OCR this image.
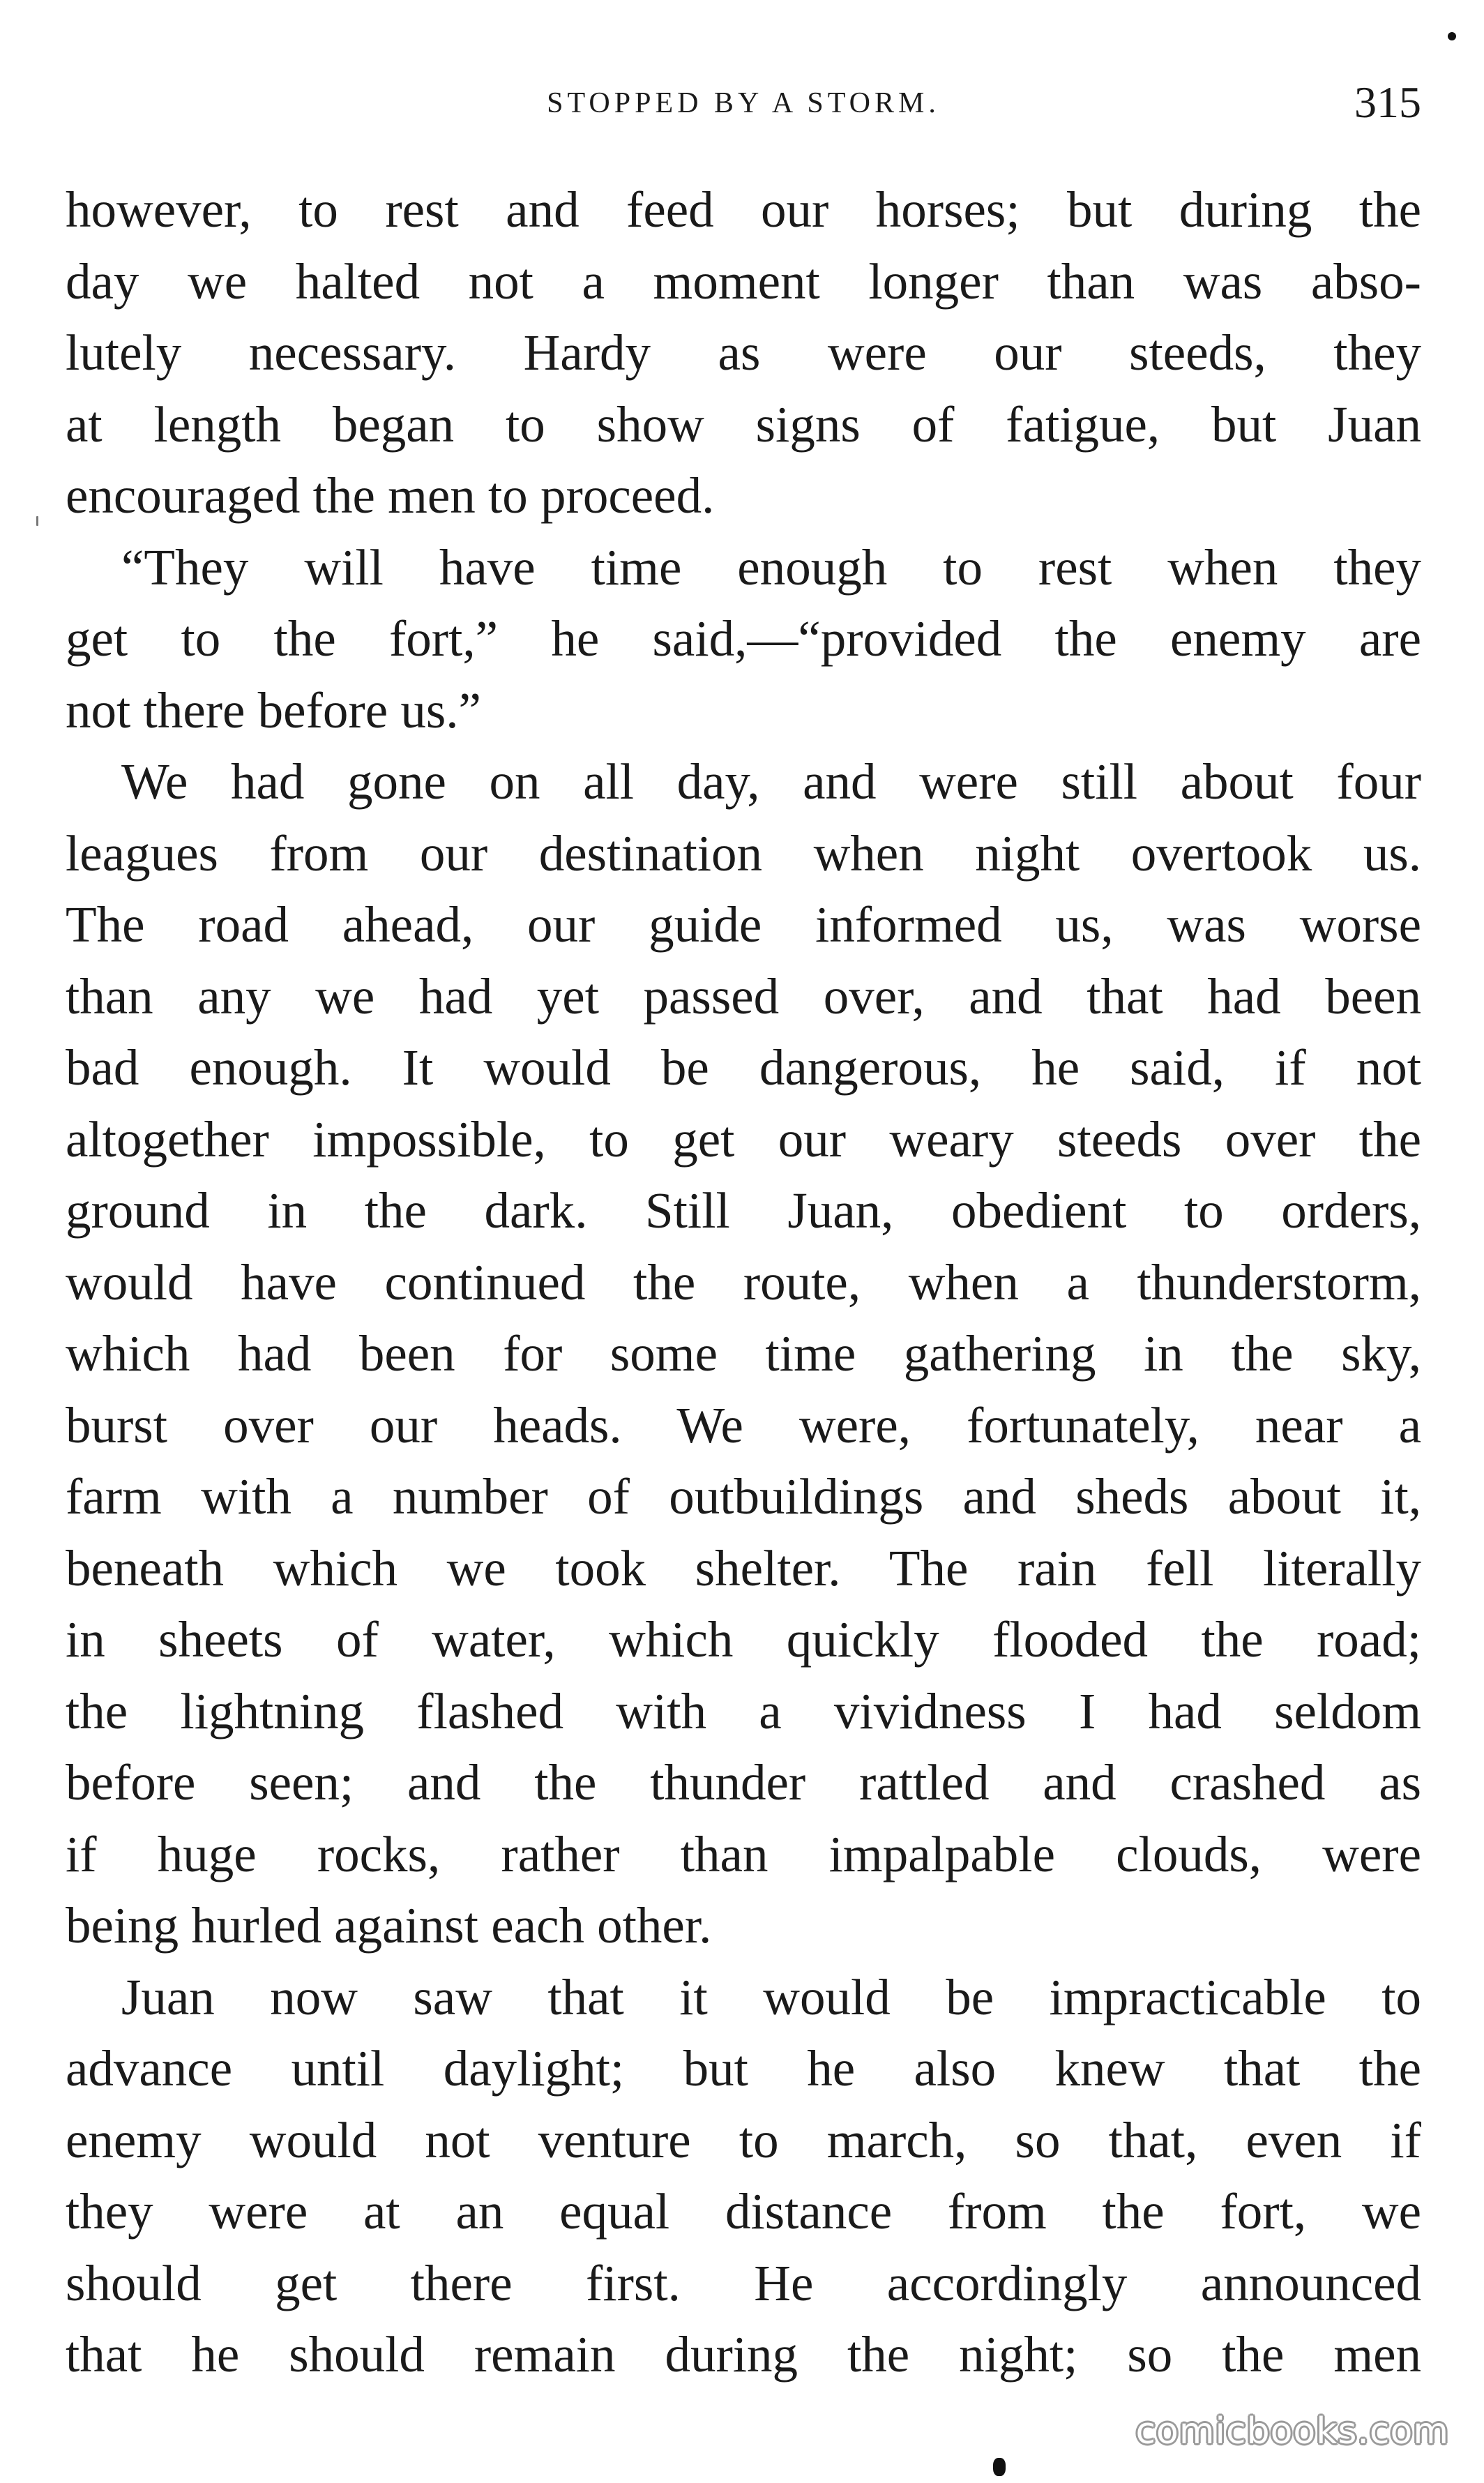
STOPPED BY A STORM.	315
however, to rest and feed our horses; but during the
day we halted not a moment longer than was abso-
lutely necessary. Hardy as were our steeds, they
at length began to show signs of fatigue, but Juan
encouraged the men to proceed.
“They will have time enough to rest when they
get to the fort,” he said,—“provided the enemy are
not there before us.”
We had gone on all day, and were still about four
leagues from our destination when night overtook us.
The road ahead, our guide informed us, was worse
than any we had yet passed over, and that had been
bad enough. It would be dangerous, he said, if not
altogether impossible, to get our weary steeds over the
ground in the dark. Still Juan, obedient to orders,
would have continued the route, when a thunderstorm,
which had been for some time gathering in the sky,
burst over our heads. We were, fortunately, near a
farm with a number of outbuildings and sheds about it,
beneath which we took shelter. The rain fell literally
in sheets of water, which quickly flooded the road;
the lightning flashed with a vividness I had seldom
before seen; and the thunder rattled and crashed as
if huge rocks, rather than impalpable clouds, were
being hurled against each other.
Juan now saw that it would be impracticable to
advance until daylight; but he also knew that the
enemy would not venture to march, so that, even if
they were at an equal distance from the fort, we
should get there first. He accordingly announced
that he should remain during the night; so the men
comicbooks.com
